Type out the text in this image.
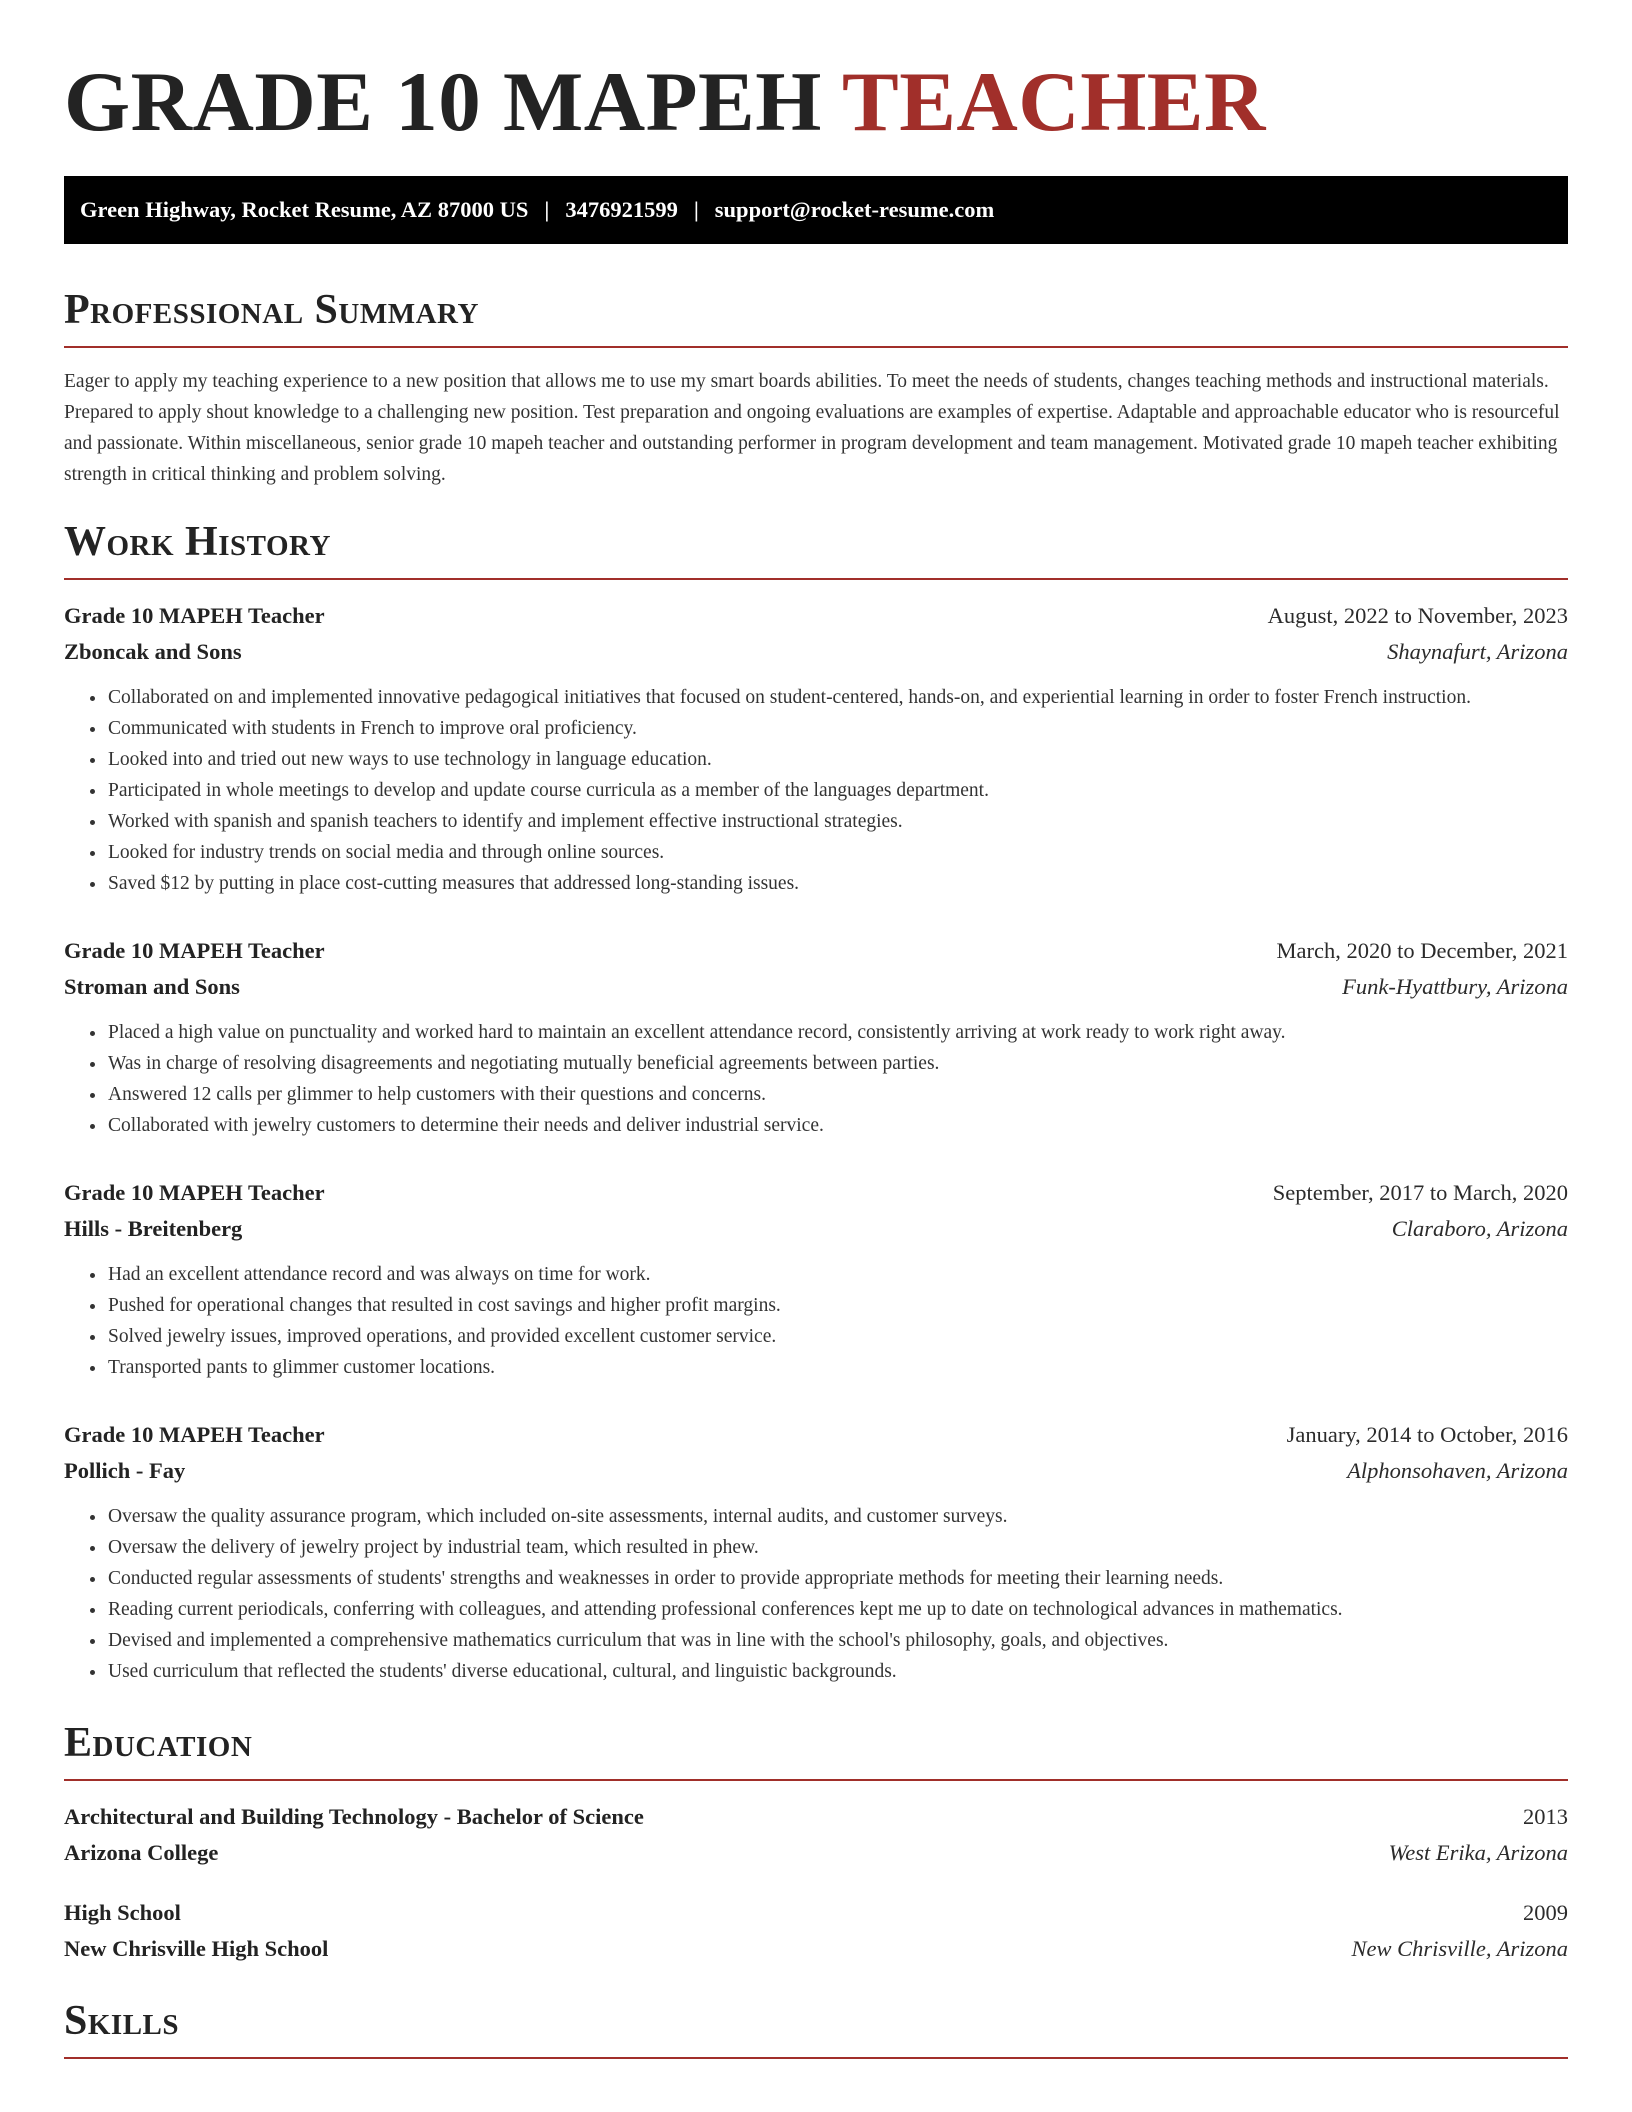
GRADE 10 MAPEH TEACHER
Green Highway, Rocket Resume, AZ 87000 US | 3476921599 | support@rocket-resume.com
Professional Summary

Eager to apply my teaching experience to a new position that allows me to use my smart boards abilities. To meet the needs of students, changes teaching methods and instructional materials. Prepared to apply shout knowledge to a challenging new position. Test preparation and ongoing evaluations are examples of expertise. Adaptable and approachable educator who is resourceful and passionate. Within miscellaneous, senior grade 10 mapeh teacher and outstanding performer in program development and team management. Motivated grade 10 mapeh teacher exhibiting strength in critical thinking and problem solving.

Work History
Grade 10 MAPEH Teacher	August, 2022 to November, 2023
Zboncak and Sons	Shaynafurt, Arizona
• Collaborated on and implemented innovative pedagogical initiatives that focused on student-centered, hands-on, and experiential learning in order to foster French instruction.
• Communicated with students in French to improve oral proficiency.
• Looked into and tried out new ways to use technology in language education.
• Participated in whole meetings to develop and update course curricula as a member of the languages department.
• Worked with spanish and spanish teachers to identify and implement effective instructional strategies.
• Looked for industry trends on social media and through online sources.
• Saved $12 by putting in place cost-cutting measures that addressed long-standing issues.
Grade 10 MAPEH Teacher	March, 2020 to December, 2021
Stroman and Sons	Funk-Hyattbury, Arizona
• Placed a high value on punctuality and worked hard to maintain an excellent attendance record, consistently arriving at work ready to work right away.
• Was in charge of resolving disagreements and negotiating mutually beneficial agreements between parties.
• Answered 12 calls per glimmer to help customers with their questions and concerns.
• Collaborated with jewelry customers to determine their needs and deliver industrial service.
Grade 10 MAPEH Teacher	September, 2017 to March, 2020
Hills - Breitenberg	Claraboro, Arizona
• Had an excellent attendance record and was always on time for work.
• Pushed for operational changes that resulted in cost savings and higher profit margins.
• Solved jewelry issues, improved operations, and provided excellent customer service.
• Transported pants to glimmer customer locations.
Grade 10 MAPEH Teacher	January, 2014 to October, 2016
Pollich - Fay	Alphonsohaven, Arizona
• Oversaw the quality assurance program, which included on-site assessments, internal audits, and customer surveys.
• Oversaw the delivery of jewelry project by industrial team, which resulted in phew.
• Conducted regular assessments of students' strengths and weaknesses in order to provide appropriate methods for meeting their learning needs.
• Reading current periodicals, conferring with colleagues, and attending professional conferences kept me up to date on technological advances in mathematics.
• Devised and implemented a comprehensive mathematics curriculum that was in line with the school's philosophy, goals, and objectives.
• Used curriculum that reflected the students' diverse educational, cultural, and linguistic backgrounds.
Education
Architectural and Building Technology - Bachelor of Science	2013
Arizona College	West Erika, Arizona
High School	2009
New Chrisville High School	New Chrisville, Arizona
Skills
